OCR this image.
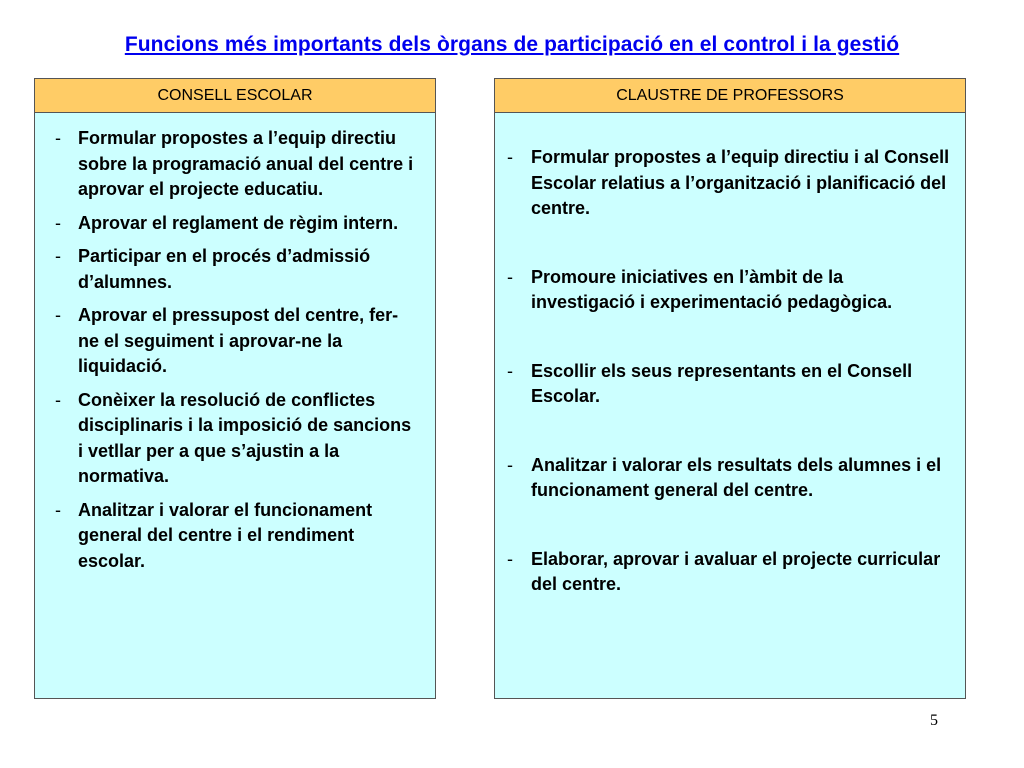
Funcions més importants dels òrgans de participació en el control i la gestió
CONSELL ESCOLAR
- Formular propostes a l’equip directiu sobre la programació anual del centre i aprovar el projecte educatiu.
- Aprovar el reglament de règim intern.
- Participar en el procés d’admissió d’alumnes.
- Aprovar el pressupost del centre, fer-ne el seguiment i aprovar-ne la liquidació.
- Conèixer la resolució de conflictes disciplinaris i la imposició de sancions i vetllar per a que s’ajustin a la normativa.
- Analitzar i valorar el funcionament general del centre i el rendiment escolar.
CLAUSTRE DE PROFESSORS
- Formular propostes a l’equip directiu i al Consell Escolar relatius a l’organització i planificació del centre.
- Promoure iniciatives en l’àmbit de la investigació i experimentació pedagògica.
- Escollir els seus representants en el Consell Escolar.
- Analitzar i valorar els resultats dels alumnes i el funcionament general del centre.
- Elaborar, aprovar i avaluar el projecte curricular del centre.
5
